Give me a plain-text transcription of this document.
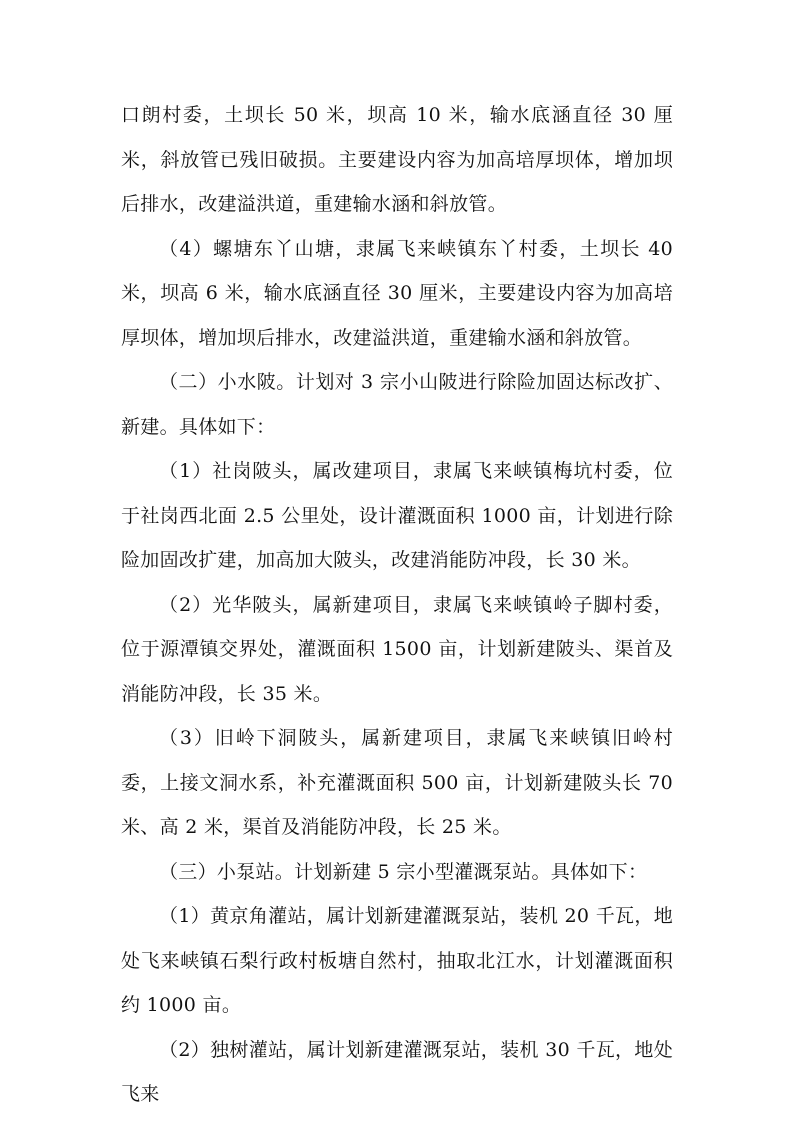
口朗村委，土坝长 50 米，坝高 10 米，输水底涵直径 30 厘米，斜放管已残旧破损。主要建设内容为加高培厚坝体，增加坝后排水，改建溢洪道，重建输水涵和斜放管。

（4）螺塘东丫山塘，隶属飞来峡镇东丫村委，土坝长 40 米，坝高 6 米，输水底涵直径 30 厘米，主要建设内容为加高培厚坝体，增加坝后排水，改建溢洪道，重建输水涵和斜放管。

（二）小水陂。计划对 3 宗小山陂进行除险加固达标改扩、新建。具体如下：

（1）社岗陂头，属改建项目，隶属飞来峡镇梅坑村委，位于社岗西北面 2.5 公里处，设计灌溉面积 1000 亩，计划进行除险加固改扩建，加高加大陂头，改建消能防冲段，长 30 米。

（2）光华陂头，属新建项目，隶属飞来峡镇岭子脚村委，位于源潭镇交界处，灌溉面积 1500 亩，计划新建陂头、渠首及消能防冲段，长 35 米。

（3）旧岭下洞陂头，属新建项目，隶属飞来峡镇旧岭村委，上接文洞水系，补充灌溉面积 500 亩，计划新建陂头长 70 米、高 2 米，渠首及消能防冲段，长 25 米。

（三）小泵站。计划新建 5 宗小型灌溉泵站。具体如下：

（1）黄京角灌站，属计划新建灌溉泵站，装机 20 千瓦，地处飞来峡镇石梨行政村板塘自然村，抽取北江水，计划灌溉面积约 1000 亩。

（2）独树灌站，属计划新建灌溉泵站，装机 30 千瓦，地处飞来
